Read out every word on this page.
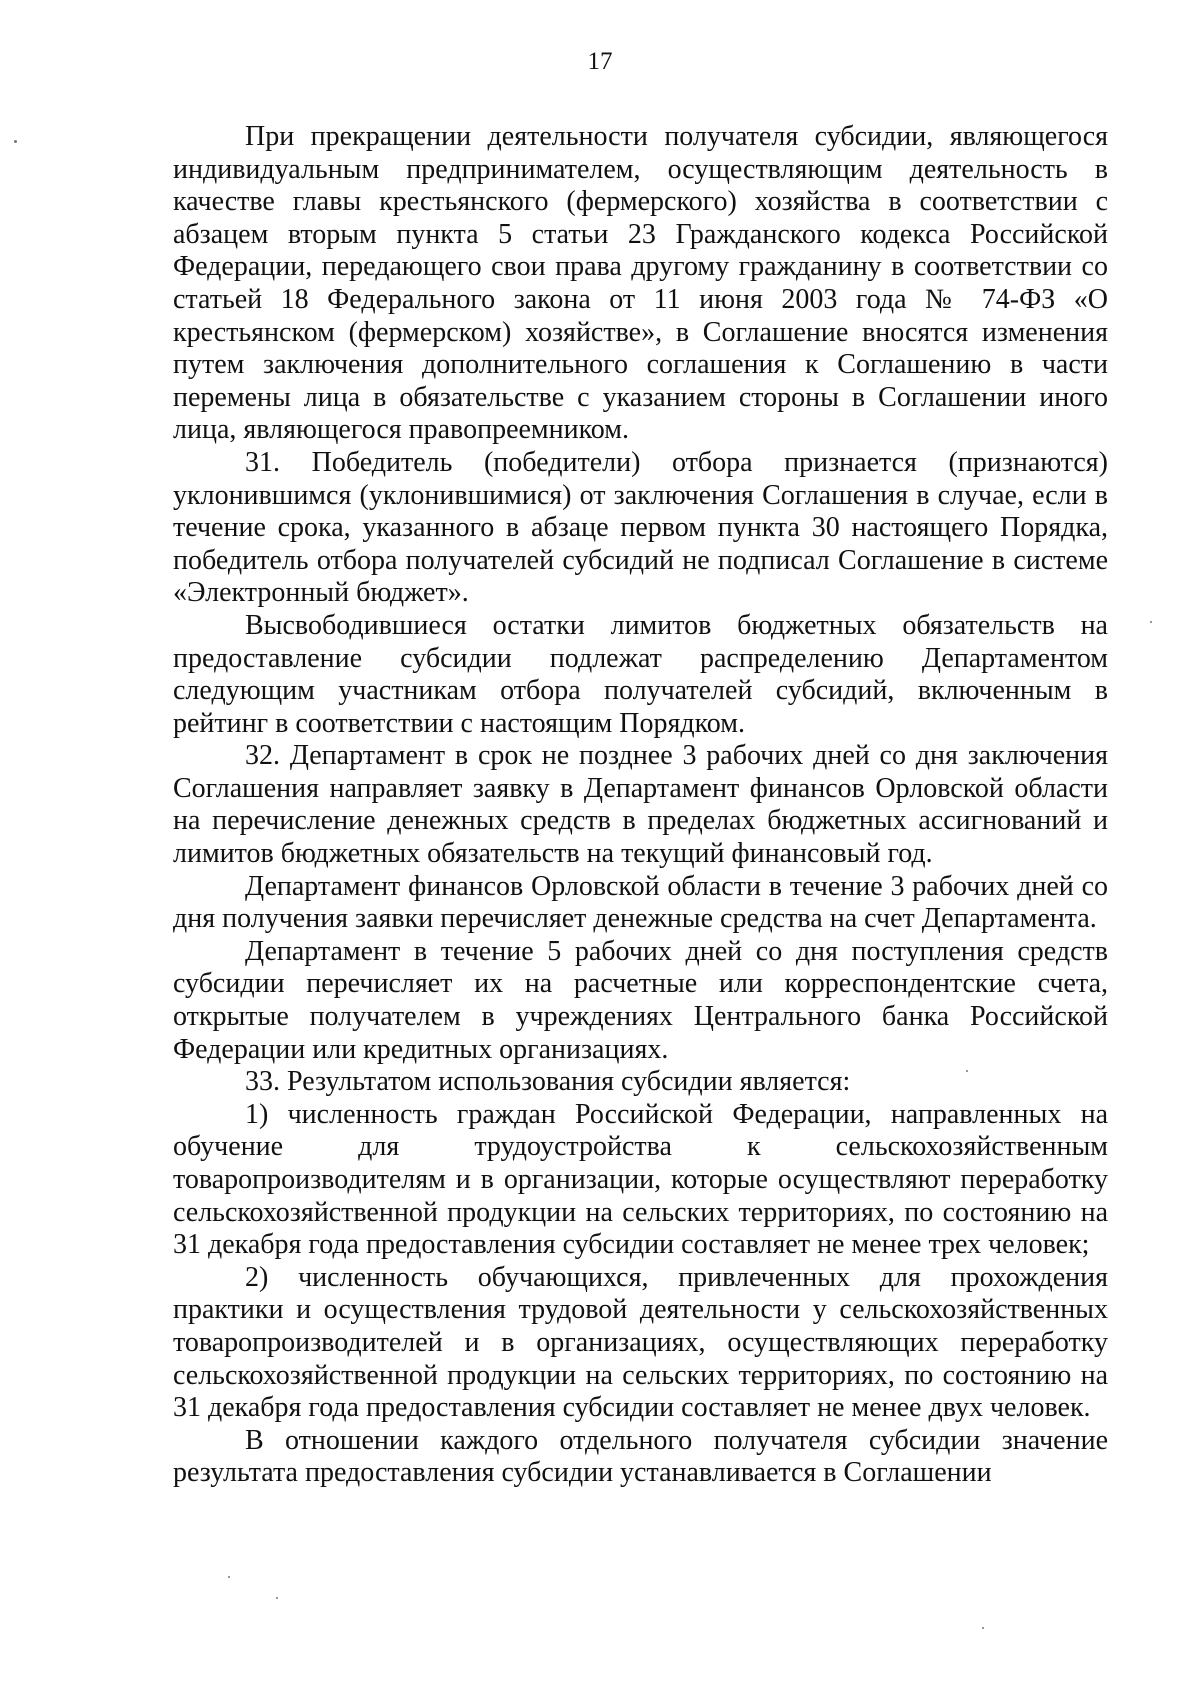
17

При прекращении деятельности получателя субсидии, являющегося индивидуальным предпринимателем, осуществляющим деятельность в качестве главы крестьянского (фермерского) хозяйства в соответствии с абзацем вторым пункта 5 статьи 23 Гражданского кодекса Российской Федерации, передающего свои права другому гражданину в соответствии со статьей 18 Федерального закона от 11 июня 2003 года № 74-ФЗ «О крестьянском (фермерском) хозяйстве», в Соглашение вносятся изменения путем заключения дополнительного соглашения к Соглашению в части перемены лица в обязательстве с указанием стороны в Соглашении иного лица, являющегося правопреемником.

31. Победитель (победители) отбора признается (признаются) уклонившимся (уклонившимися) от заключения Соглашения в случае, если в течение срока, указанного в абзаце первом пункта 30 настоящего Порядка, победитель отбора получателей субсидий не подписал Соглашение в системе «Электронный бюджет».

Высвободившиеся остатки лимитов бюджетных обязательств на предоставление субсидии подлежат распределению Департаментом следующим участникам отбора получателей субсидий, включенным в рейтинг в соответствии с настоящим Порядком.

32. Департамент в срок не позднее 3 рабочих дней со дня заключения Соглашения направляет заявку в Департамент финансов Орловской области на перечисление денежных средств в пределах бюджетных ассигнований и лимитов бюджетных обязательств на текущий финансовый год.

Департамент финансов Орловской области в течение 3 рабочих дней со дня получения заявки перечисляет денежные средства на счет Департамента.

Департамент в течение 5 рабочих дней со дня поступления средств субсидии перечисляет их на расчетные или корреспондентские счета, открытые получателем в учреждениях Центрального банка Российской Федерации или кредитных организациях.

33. Результатом использования субсидии является:

1) численность граждан Российской Федерации, направленных на обучение для трудоустройства к сельскохозяйственным товаропроизводителям и в организации, которые осуществляют переработку сельскохозяйственной продукции на сельских территориях, по состоянию на 31 декабря года предоставления субсидии составляет не менее трех человек;

2) численность обучающихся, привлеченных для прохождения практики и осуществления трудовой деятельности у сельскохозяйственных товаропроизводителей и в организациях, осуществляющих переработку сельскохозяйственной продукции на сельских территориях, по состоянию на 31 декабря года предоставления субсидии составляет не менее двух человек.

В отношении каждого отдельного получателя субсидии значение результата предоставления субсидии устанавливается в Соглашении
